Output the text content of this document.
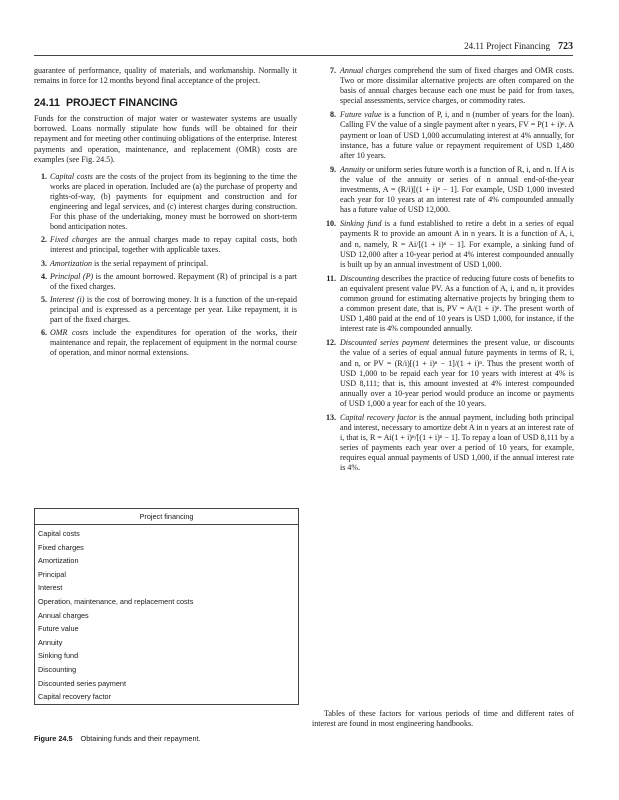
24.11 Project Financing 723

guarantee of performance, quality of materials, and workmanship. Normally it remains in force for 12 months beyond final acceptance of the project.

24.11 PROJECT FINANCING

Funds for the construction of major water or wastewater systems are usually borrowed. Loans normally stipulate how funds will be obtained for their repayment and for meeting other continuing obligations of the enterprise. Interest payments and operation, maintenance, and replacement (OMR) costs are examples (see Fig. 24.5).

1. Capital costs are the costs of the project from its beginning to the time the works are placed in operation. Included are (a) the purchase of property and rights-of-way, (b) payments for equipment and construction and for engineering and legal services, and (c) interest charges during construction. For this phase of the undertaking, money must be borrowed on short-term bond anticipation notes.
2. Fixed charges are the annual charges made to repay capital costs, both interest and principal, together with applicable taxes.
3. Amortization is the serial repayment of principal.
4. Principal (P) is the amount borrowed. Repayment (R) of principal is a part of the fixed charges.
5. Interest (i) is the cost of borrowing money. It is a function of the un-repaid principal and is expressed as a percentage per year. Like repayment, it is part of the fixed charges.
6. OMR costs include the expenditures for operation of the works, their maintenance and repair, the replacement of equipment in the normal course of operation, and minor normal extensions.
Project financing
Capital costs
Fixed charges
Amortization
Principal
Interest
Operation, maintenance, and replacement costs
Annual charges
Future value
Annuity
Sinking fund
Discounting
Discounted series payment
Capital recovery factor
Figure 24.5 Obtaining funds and their repayment.
7. Annual charges comprehend the sum of fixed charges and OMR costs. Two or more dissimilar alternative projects are often compared on the basis of annual charges because each one must be paid for from taxes, special assessments, service charges, or commodity rates.
8. Future value is a function of P, i, and n (number of years for the loan). Calling FV the value of a single payment after n years, FV = P(1 + i)ⁿ. A payment or loan of USD 1,000 accumulating interest at 4% annually, for instance, has a future value or repayment requirement of USD 1,480 after 10 years.
9. Annuity or uniform series future worth is a function of R, i, and n. If A is the value of the annuity or series of n annual end-of-the-year investments, A = (R/i)[(1 + i)ⁿ − 1]. For example, USD 1,000 invested each year for 10 years at an interest rate of 4% compounded annually has a future value of USD 12,000.
10. Sinking fund is a fund established to retire a debt in a series of equal payments R to provide an amount A in n years. It is a function of A, i, and n, namely, R = Ai/[(1 + i)ⁿ − 1]. For example, a sinking fund of USD 12,000 after a 10-year period at 4% interest compounded annually is built up by an annual investment of USD 1,000.
11. Discounting describes the practice of reducing future costs of benefits to an equivalent present value PV. As a function of A, i, and n, it provides common ground for estimating alternative projects by bringing them to a common present date, that is, PV = A/(1 + i)ⁿ. The present worth of USD 1,480 paid at the end of 10 years is USD 1,000, for instance, if the interest rate is 4% compounded annually.
12. Discounted series payment determines the present value, or discounts the value of a series of equal annual future payments in terms of R, i, and n, or PV = (R/i)[(1 + i)ⁿ − 1]/(1 + i)ⁿ. Thus the present worth of USD 1,000 to be repaid each year for 10 years with interest at 4% is USD 8,111; that is, this amount invested at 4% interest compounded annually over a 10-year period would produce an income or payments of USD 1,000 a year for each of the 10 years.
13. Capital recovery factor is the annual payment, including both principal and interest, necessary to amortize debt A in n years at an interest rate of i, that is, R = Ai(1 + i)ⁿ/[(1 + i)ⁿ − 1]. To repay a loan of USD 8,111 by a series of payments each year over a period of 10 years, for example, requires equal annual payments of USD 1,000, if the annual interest rate is 4%.

Tables of these factors for various periods of time and different rates of interest are found in most engineering handbooks.
